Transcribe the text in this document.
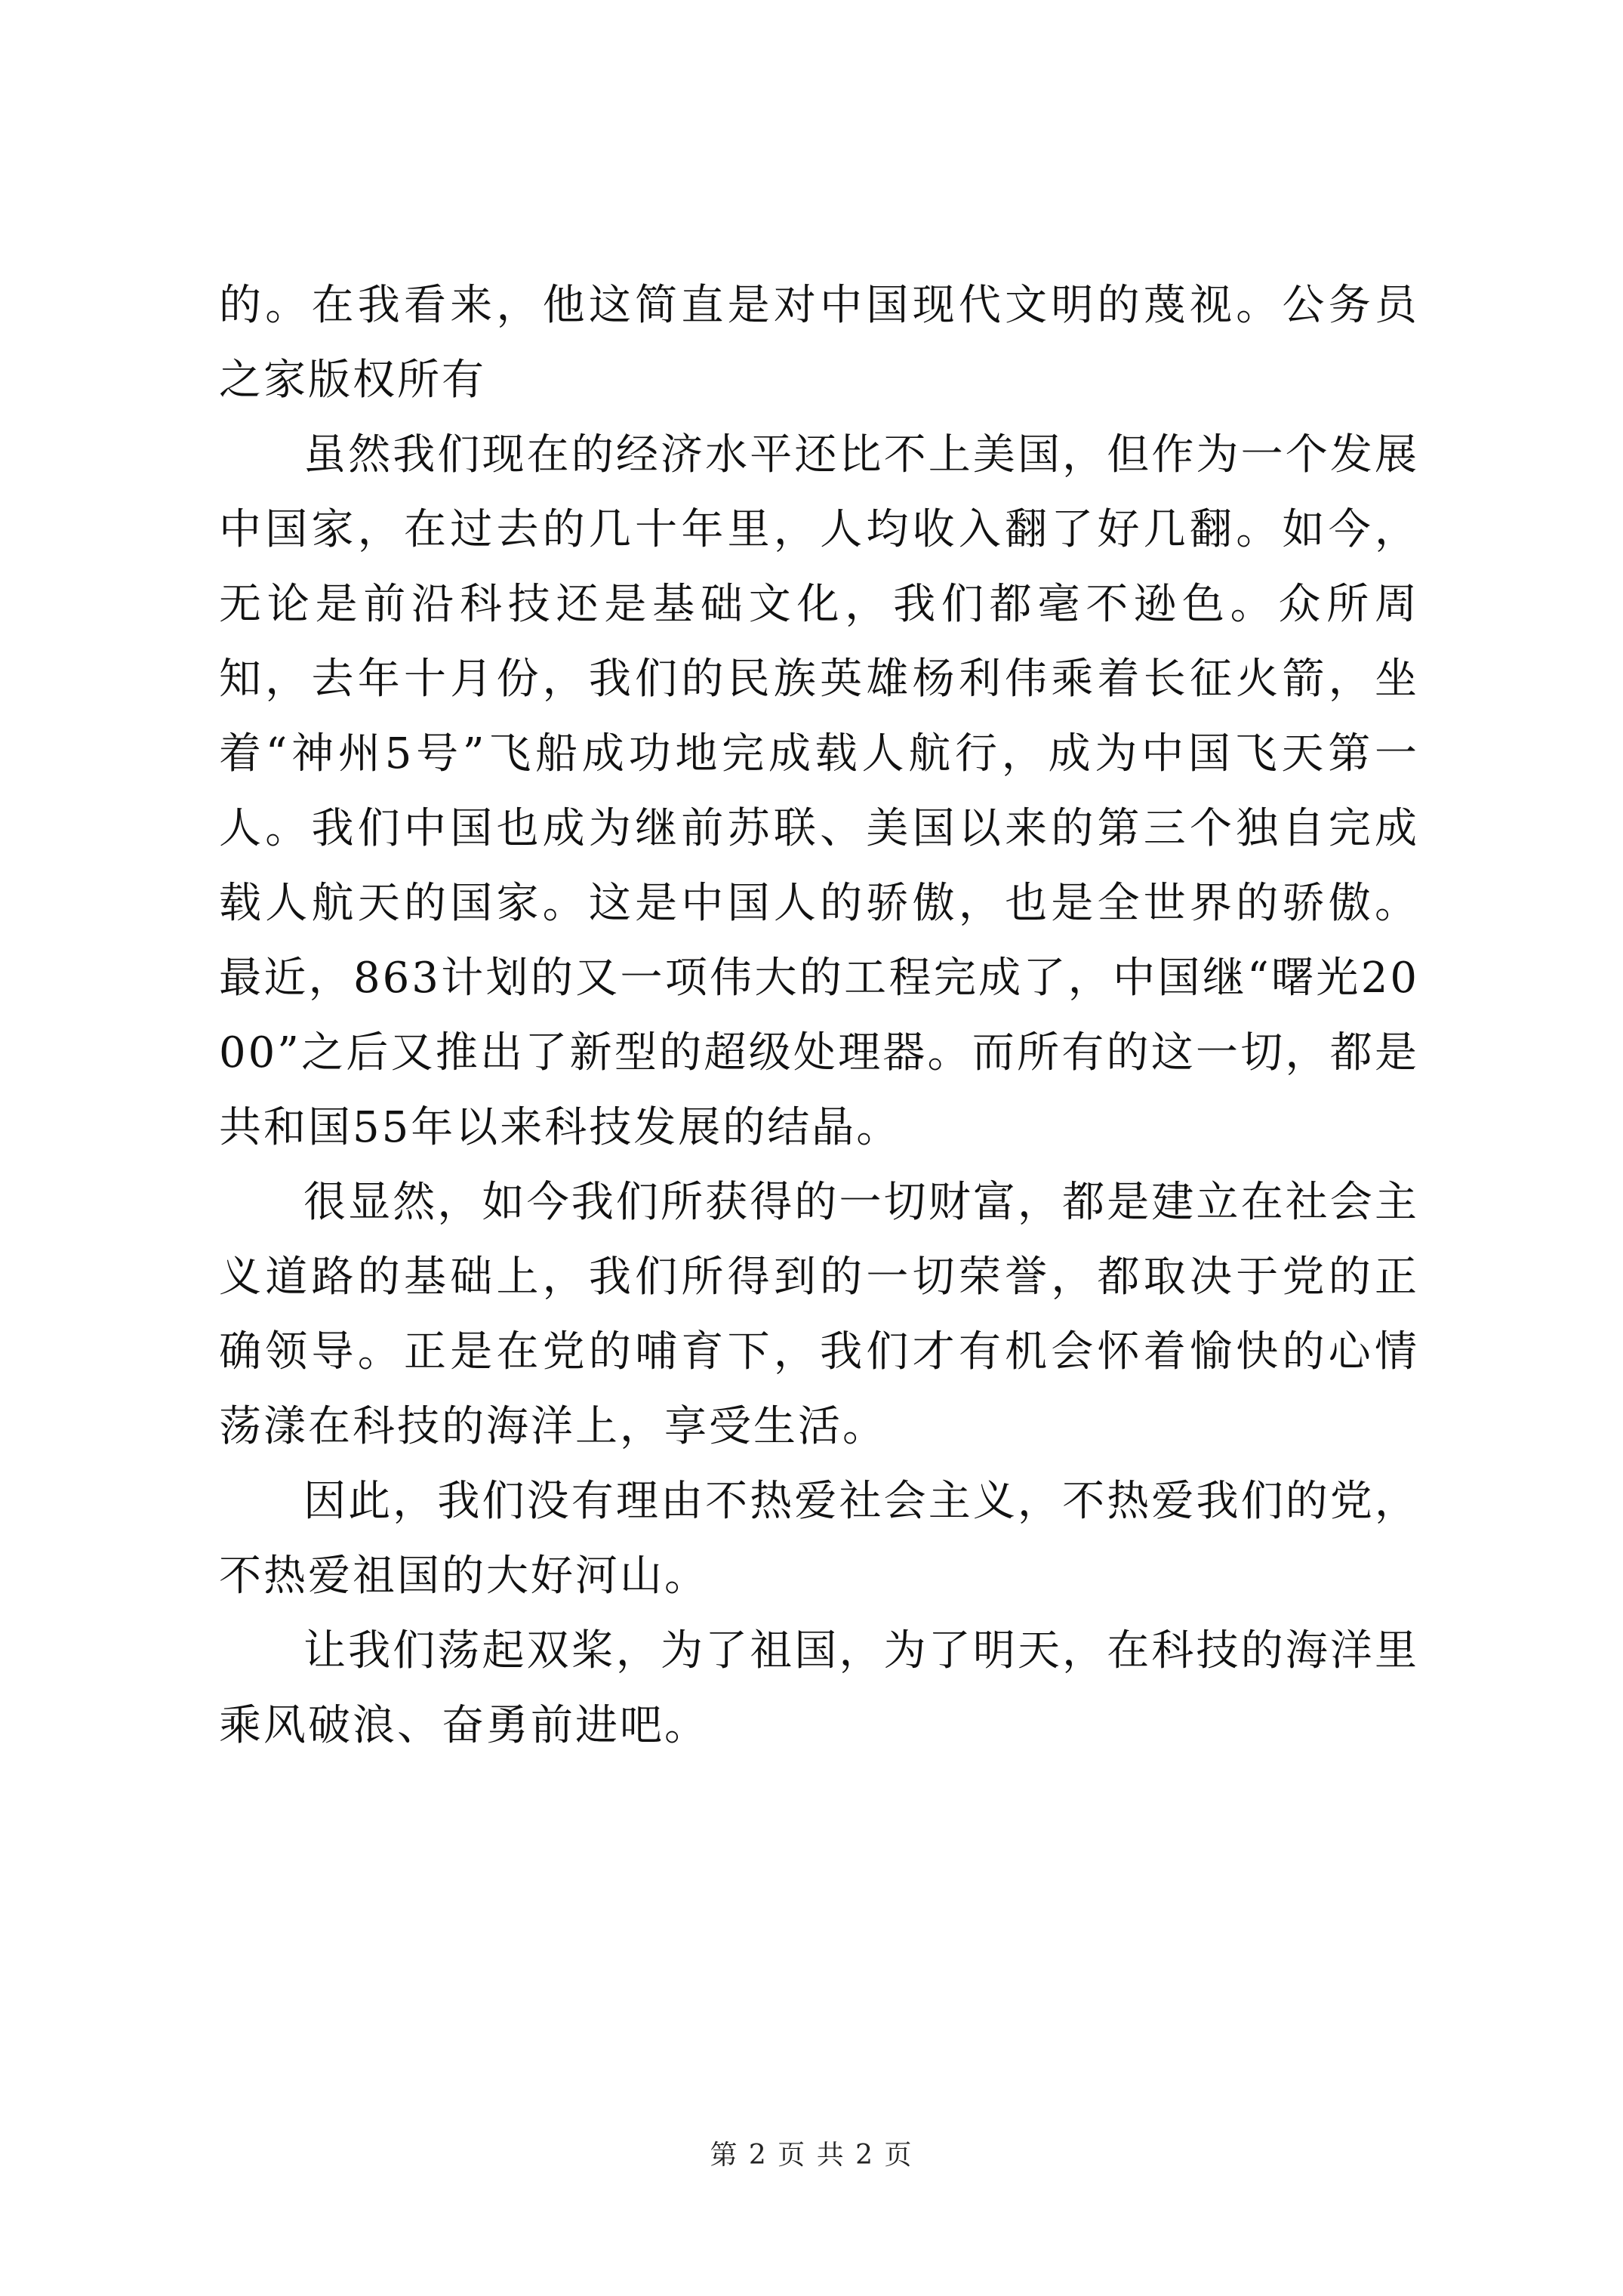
的。在我看来，他这简直是对中国现代文明的蔑视。公务员之家版权所有

虽然我们现在的经济水平还比不上美国，但作为一个发展中国家，在过去的几十年里，人均收入翻了好几翻。如今，无论是前沿科技还是基础文化，我们都毫不逊色。众所周知，去年十月份，我们的民族英雄杨利伟乘着长征火箭，坐着“神州5号”飞船成功地完成载人航行，成为中国飞天第一人。我们中国也成为继前苏联、美国以来的第三个独自完成载人航天的国家。这是中国人的骄傲，也是全世界的骄傲。最近，863计划的又一项伟大的工程完成了，中国继“曙光2000”之后又推出了新型的超级处理器。而所有的这一切，都是共和国55年以来科技发展的结晶。

很显然，如今我们所获得的一切财富，都是建立在社会主义道路的基础上，我们所得到的一切荣誉，都取决于党的正确领导。正是在党的哺育下，我们才有机会怀着愉快的心情荡漾在科技的海洋上，享受生活。

因此，我们没有理由不热爱社会主义，不热爱我们的党，不热爱祖国的大好河山。

让我们荡起双桨，为了祖国，为了明天，在科技的海洋里乘风破浪、奋勇前进吧。

第 2 页 共 2 页
